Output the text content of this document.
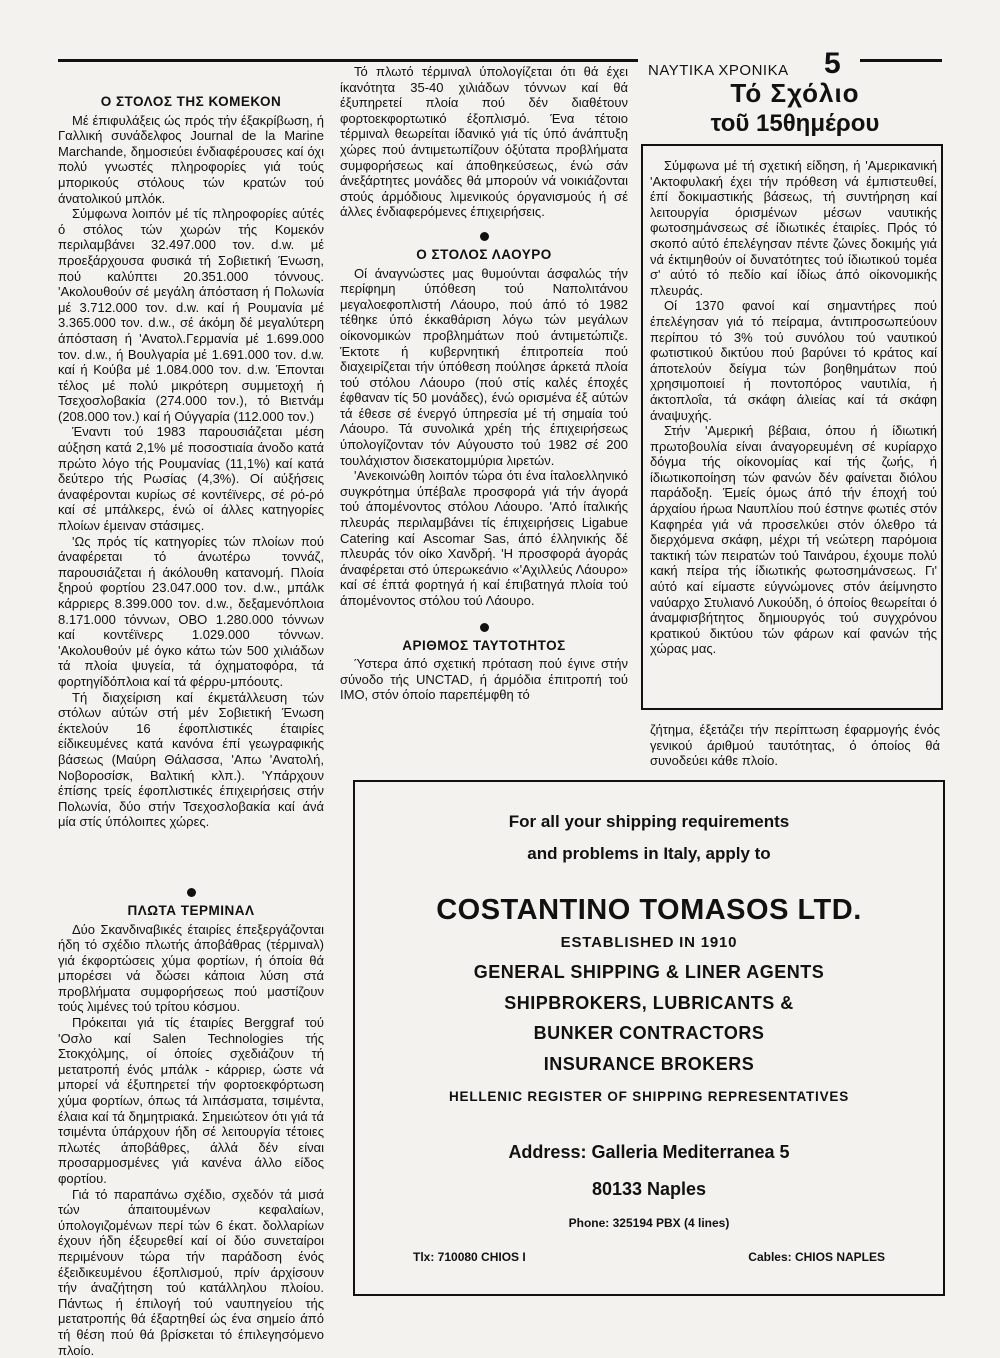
ΝΑΥΤΙΚΑ ΧΡΟΝΙΚΑ 5
Ο ΣΤΟΛΟΣ ΤΗΣ ΚΟΜΕΚΟΝ

Μέ έπιφυλάξεις ώς πρός τήν έξακρίβωση, ή Γαλλική συνάδελφος Journal de la Marine Marchande, δημοσιεύει ένδιαφέρουσες καί όχι πολύ γνωστές πληροφορίες γιά τούς μπορικούς στόλους τών κρατών τού άνατολικού μπλόκ.

Σύμφωνα λοιπόν μέ τίς πληροφορίες αύτές ό στόλος τών χωρών τής Κομεκόν περιλαμβάνει 32.497.000 τον. d.w. μέ προεξάρχουσα φυσικά τή Σοβιετική Ένωση, πού καλύπτει 20.351.000 τόννους. 'Ακολουθούν σέ μεγάλη άπόσταση ή Πολωνία μέ 3.712.000 τον. d.w. καί ή Ρουμανία μέ 3.365.000 τον. d.w., σέ άκόμη δέ μεγαλύτερη άπόσταση ή 'Ανατολ.Γερμανία μέ 1.699.000 τον. d.w., ή Βουλγαρία μέ 1.691.000 τον. d.w. καί ή Κούβα μέ 1.084.000 τον. d.w. Έπονται τέλος μέ πολύ μικρότερη συμμετοχή ή Τσεχοσλοβακία (274.000 τον.), τό Βιετνάμ (208.000 τον.) καί ή Ούγγαρία (112.000 τον.)

Έναντι τού 1983 παρουσιάζεται μέση αύξηση κατά 2,1% μέ ποσοστιαία άνοδο κατά πρώτο λόγο τής Ρουμανίας (11,1%) καί κατά δεύτερο τής Ρωσίας (4,3%). Οί αύξήσεις άναφέρονται κυρίως σέ κοντέϊνερς, σέ ρό-ρό καί σέ μπάλκερς, ένώ οί άλλες κατηγορίες πλοίων έμειναν στάσιμες.

'Ως πρός τίς κατηγορίες τών πλοίων πού άναφέρεται τό άνωτέρω τοννάζ, παρουσιάζεται ή άκόλουθη κατανομή. Πλοία ξηρού φορτίου 23.047.000 τον. d.w., μπάλκ κάρριερς 8.399.000 τον. d.w., δεξαμενόπλοια 8.171.000 τόννων, ΟΒΟ 1.280.000 τόννων καί κοντέϊνερς 1.029.000 τόννων. 'Ακολουθούν μέ όγκο κάτω τών 500 χιλιάδων τά πλοία ψυγεία, τά όχηματοφόρα, τά φορτηγίδόπλοια καί τά φέρρυ-μπόουτς.

Τή διαχείριση καί έκμετάλλευση τών στόλων αύτών στή μέν Σοβιετική Ένωση έκτελούν 16 έφοπλιστικές έταιρίες είδικευμένες κατά κανόνα έπί γεωγραφικής βάσεως (Μαύρη Θάλασσα, 'Απω 'Ανατολή, Νοβοροσίσκ, Βαλτική κλπ.). 'Υπάρχουν έπίσης τρείς έφοπλιστικές έπιχειρήσεις στήν Πολωνία, δύο στήν Τσεχοσλοβακία καί άνά μία στίς ύπόλοιπες χώρες.

ΠΛΩΤΑ ΤΕΡΜΙΝΑΛ

Δύο Σκανδιναβικές έταιρίες έπεξεργάζονται ήδη τό σχέδιο πλωτής άποβάθρας (τέρμιναλ) γιά έκφορτώσεις χύμα φορτίων, ή όποία θά μπορέσει νά δώσει κάποια λύση στά προβλήματα συμφορήσεως πού μαστίζουν τούς λιμένες τού τρίτου κόσμου.

Πρόκειται γιά τίς έταιρίες Berggraf τού 'Οσλο καί Salen Technologies τής Στοκχόλμης, οί όποίες σχεδιάζουν τή μετατροπή ένός μπάλκ - κάρριερ, ώστε νά μπορεί νά έξυπηρετεί τήν φορτοεκφόρτωση χύμα φορτίων, όπως τά λιπάσματα, τσιμέντα, έλαια καί τά δημητριακά. Σημειώτεον ότι γιά τά τσιμέντα ύπάρχουν ήδη σέ λειτουργία τέτοιες πλωτές άποβάθρες, άλλά δέν είναι προσαρμοσμένες γιά κανένα άλλο είδος φορτίου.

Γιά τό παραπάνω σχέδιο, σχεδόν τά μισά τών άπαιτουμένων κεφαλαίων, ύπολογιζομένων περί τών 6 έκατ. δολλαρίων έχουν ήδη έξευρεθεί καί οί δύο συνεταίροι περιμένουν τώρα τήν παράδοση ένός έξειδικευμένου έξοπλισμού, πρίν άρχίσουν τήν άναζήτηση τού κατάλληλου πλοίου. Πάντως ή έπιλογή τού ναυπηγείου τής μετατροπής θά έξαρτηθεί ώς ένα σημείο άπό τή θέση πού θά βρίσκεται τό έπιλεγησόμενο πλοίο.

Τό πλωτό τέρμιναλ ύπολογίζεται ότι θά έχει ίκανότητα 35-40 χιλιάδων τόννων καί θά έξυπηρετεί πλοία πού δέν διαθέτουν φορτοεκφορτωτικό έξοπλισμό. Ένα τέτοιο τέρμιναλ θεωρείται ίδανικό γιά τίς ύπό άνάπτυξη χώρες πού άντιμετωπίζουν όξύτατα προβλήματα συμφορήσεως καί άποθηκεύσεως, ένώ σάν άνεξάρτητες μονάδες θά μπορούν νά νοικιάζονται στούς άρμόδιους λιμενικούς όργανισμούς ή σέ άλλες ένδιαφερόμενες έπιχειρήσεις.

Ο ΣΤΟΛΟΣ ΛΑΟΥΡΟ

Οί άναγνώστες μας θυμούνται άσφαλώς τήν περίφημη ύπόθεση τού Ναπολιτάνου μεγαλοεφοπλιστή Λάουρο, πού άπό τό 1982 τέθηκε ύπό έκκαθάριση λόγω τών μεγάλων οίκονομικών προβλημάτων πού άντιμετώπιζε. Έκτοτε ή κυβερνητική έπιτροπεία πού διαχειρίζεται τήν ύπόθεση πούλησε άρκετά πλοία τού στόλου Λάουρο (πού στίς καλές έποχές έφθαναν τίς 50 μονάδες), ένώ ορισμένα έξ αύτών τά έθεσε σέ ένεργό ύπηρεσία μέ τή σημαία τού Λάουρο. Τά συνολικά χρέη τής έπιχειρήσεως ύπολογίζονταν τόν Αύγουστο τού 1982 σέ 200 τουλάχιστον δισεκατομμύρια λιρετών.

'Ανεκοινώθη λοιπόν τώρα ότι ένα ίταλοελληνικό συγκρότημα ύπέβαλε προσφορά γιά τήν άγορά τού άπομένοντος στόλου Λάουρο. 'Από ίταλικής πλευράς περιλαμβάνει τίς έπιχειρήσεις Ligabue Catering καί Ascomar Sas, άπό έλληνικής δέ πλευράς τόν οίκο Χανδρή. 'Η προσφορά άγοράς άναφέρεται στό ύπερωκεάνιο «'Αχιλλεύς Λάουρο» καί σέ έπτά φορτηγά ή καί έπιβατηγά πλοία τού άπομένοντος στόλου τού Λάουρο.

ΑΡΙΘΜΟΣ ΤΑΥΤΟΤΗΤΟΣ

Ύστερα άπό σχετική πρόταση πού έγινε στήν σύνοδο τής UNCTAD, ή άρμόδια έπιτροπή τού ΙΜΟ, στόν όποίο παρεπέμφθη τό

Τό Σχόλιο
τοῦ 15θημέρου

Σύμφωνα μέ τή σχετική είδηση, ή 'Αμερικανική 'Ακτοφυλακή έχει τήν πρόθεση νά έμπιστευθεί, έπί δοκιμαστικής βάσεως, τή συντήρηση καί λειτουργία όρισμένων μέσων ναυτικής φωτοσημάνσεως σέ ίδιωτικές έταιρίες. Πρός τό σκοπό αύτό έπελέγησαν πέντε ζώνες δοκιμής γιά νά έκτιμηθούν οί δυνατότητες τού ίδιωτικού τομέα σ' αύτό τό πεδίο καί ίδίως άπό οίκονομικής πλευράς.

Οί 1370 φανοί καί σημαντήρες πού έπελέγησαν γιά τό πείραμα, άντιπροσωπεύουν περίπου τό 3% τού συνόλου τού ναυτικού φωτιστικού δικτύου πού βαρύνει τό κράτος καί άποτελούν δείγμα τών βοηθημάτων πού χρησιμοποιεί ή ποντοπόρος ναυτιλία, ή άκτοπλοΐα, τά σκάφη άλιείας καί τά σκάφη άναψυχής.

Στήν 'Αμερική βέβαια, όπου ή ίδιωτική πρωτοβουλία είναι άναγορευμένη σέ κυρίαρχο δόγμα τής οίκονομίας καί τής ζωής, ή ίδιωτικοποίηση τών φανών δέν φαίνεται διόλου παράδοξη. Έμείς όμως άπό τήν έποχή τού άρχαίου ήρωα Ναυπλίου πού έστηνε φωτιές στόν Καφηρέα γιά νά προσελκύει στόν όλεθρο τά διερχόμενα σκάφη, μέχρι τή νεώτερη παρόμοια τακτική τών πειρατών τού Ταινάρου, έχουμε πολύ κακή πείρα τής ίδιωτικής φωτοσημάνσεως. Γι' αύτό καί είμαστε εύγνώμονες στόν άείμνηστο ναύαρχο Στυλιανό Λυκούδη, ό όποίος θεωρείται ό άναμφισβήτητος δημιουργός τού συγχρόνου κρατικού δικτύου τών φάρων καί φανών τής χώρας μας.

ζήτημα, έξετάζει τήν περίπτωση έφαρμογής ένός γενικού άριθμού ταυτότητας, ό όποίος θά συνοδεύει κάθε πλοίο.
For all your shipping requirements
and problems in Italy, apply to
COSTANTINO TOMASOS LTD.
ESTABLISHED IN 1910
GENERAL SHIPPING & LINER AGENTS
SHIPBROKERS, LUBRICANTS &
BUNKER CONTRACTORS
INSURANCE BROKERS
HELLENIC REGISTER OF SHIPPING REPRESENTATIVES
Address: Galleria Mediterranea 5
80133 Naples
Phone: 325194 PBX (4 lines)
Tlx: 710080 CHIOS I	Cables: CHIOS NAPLES
